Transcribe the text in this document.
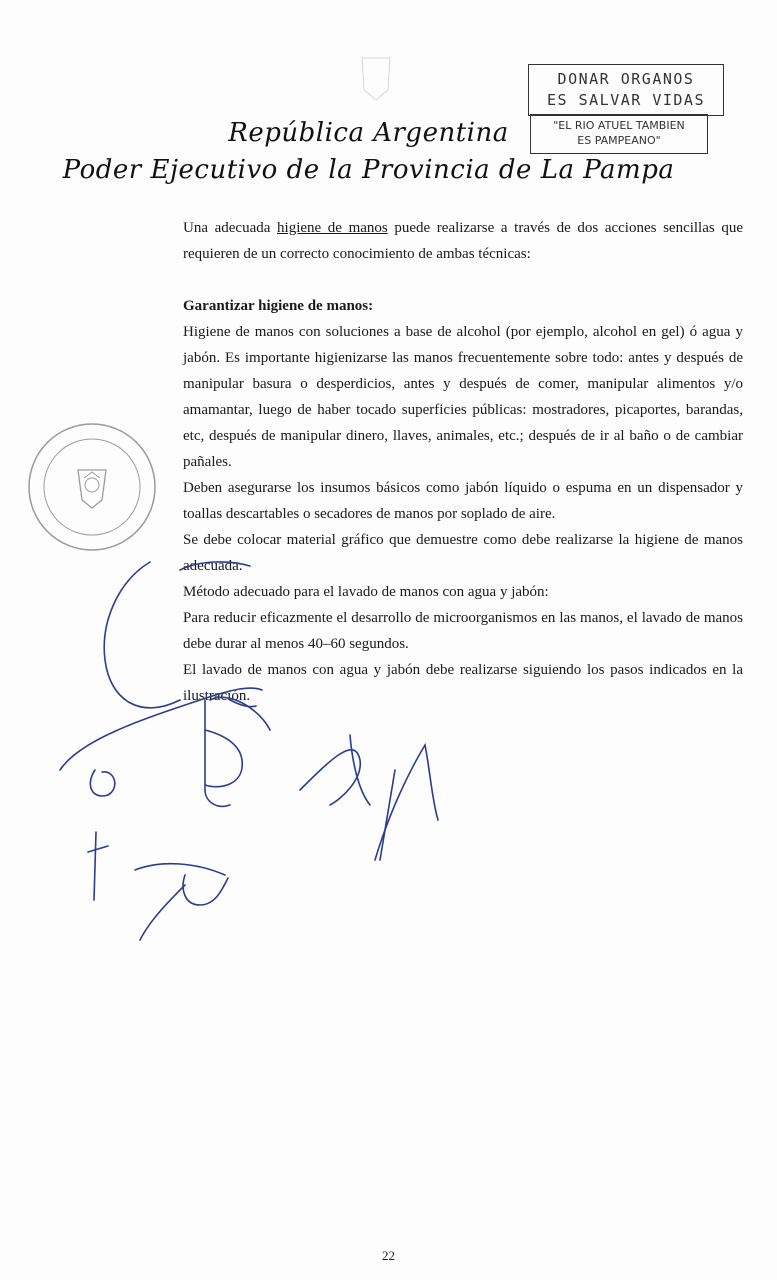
República Argentina
Poder Ejecutivo de la Provincia de La Pampa
DONAR ORGANOS
ES SALVAR VIDAS
"EL RIO ATUEL TAMBIEN
ES PAMPEANO"

Una adecuada higiene de manos puede realizarse a través de dos acciones sencillas que requieren de un correcto conocimiento de ambas técnicas:

Garantizar higiene de manos:

Higiene de manos con soluciones a base de alcohol (por ejemplo, alcohol en gel) ó agua y jabón. Es importante higienizarse las manos frecuentemente sobre todo: antes y después de manipular basura o desperdicios, antes y después de comer, manipular alimentos y/o amamantar, luego de haber tocado superficies públicas: mostradores, picaportes, barandas, etc, después de manipular dinero, llaves, animales, etc.; después de ir al baño o de cambiar pañales.

Deben asegurarse los insumos básicos como jabón líquido o espuma en un dispensador y toallas descartables o secadores de manos por soplado de aire.

Se debe colocar material gráfico que demuestre como debe realizarse la higiene de manos adecuada.

Método adecuado para el lavado de manos con agua y jabón:

Para reducir eficazmente el desarrollo de microorganismos en las manos, el lavado de manos debe durar al menos 40–60 segundos.

El lavado de manos con agua y jabón debe realizarse siguiendo los pasos indicados en la ilustración.

22
